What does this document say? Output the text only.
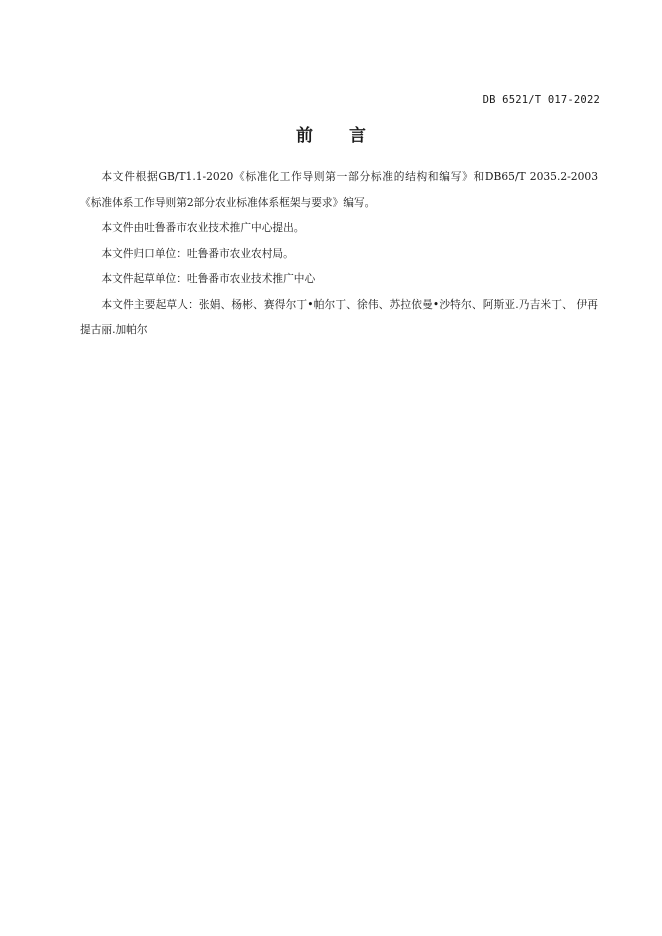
DB 6521/T 017-2022
前 言

本文件根据GB/T1.1-2020《标准化工作导则第一部分标准的结构和编写》和DB65/T 2035.2-2003《标准体系工作导则第2部分农业标准体系框架与要求》编写。

本文件由吐鲁番市农业技术推广中心提出。

本文件归口单位：吐鲁番市农业农村局。

本文件起草单位：吐鲁番市农业技术推广中心

本文件主要起草人：张娟、杨彬、赛得尔丁•帕尔丁、徐伟、苏拉依曼•沙特尔、阿斯亚.乃吉米丁、 伊再提古丽.加帕尔
